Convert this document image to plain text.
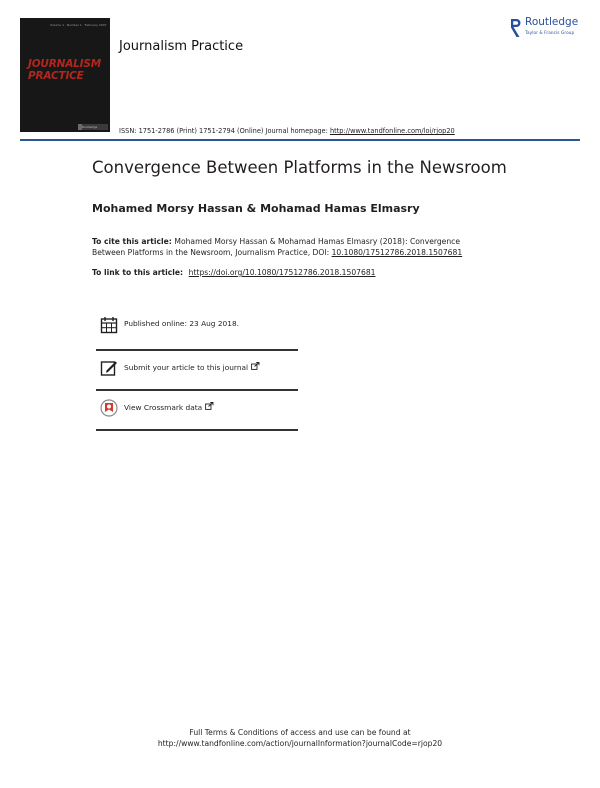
Volume 1 · Number 1 · February 2007
JOURNALISM
PRACTICE
Routledge
Journalism Practice
Routledge
Taylor & Francis Group
ISSN: 1751-2786 (Print) 1751-2794 (Online) Journal homepage: http://www.tandfonline.com/loi/rjop20
Convergence Between Platforms in the Newsroom
Mohamed Morsy Hassan & Mohamad Hamas Elmasry
To cite this article: Mohamed Morsy Hassan & Mohamad Hamas Elmasry (2018): Convergence
Between Platforms in the Newsroom, Journalism Practice, DOI: 10.1080/17512786.2018.1507681
To link to this article: https://doi.org/10.1080/17512786.2018.1507681
Published online: 23 Aug 2018.
Submit your article to this journal
View Crossmark data
Full Terms & Conditions of access and use can be found at
http://www.tandfonline.com/action/journalInformation?journalCode=rjop20
